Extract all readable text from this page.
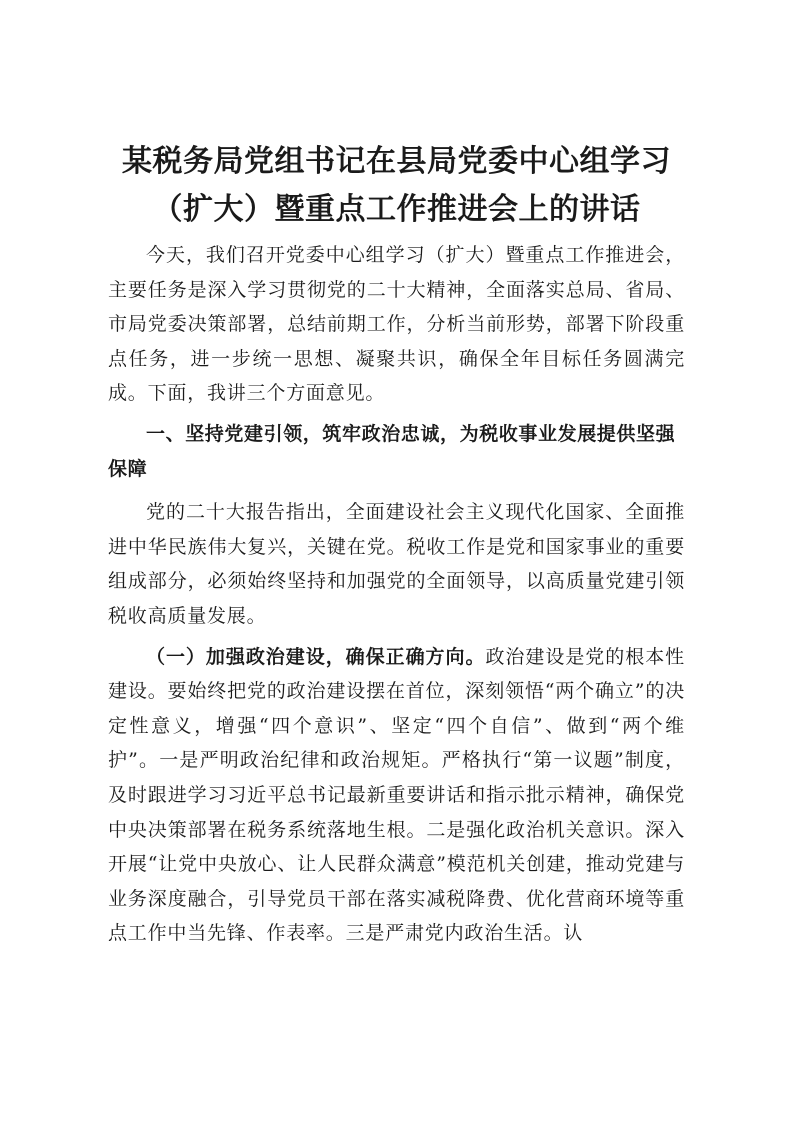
某税务局党组书记在县局党委中心组学习（扩大）暨重点工作推进会上的讲话

今天，我们召开党委中心组学习（扩大）暨重点工作推进会，主要任务是深入学习贯彻党的二十大精神，全面落实总局、省局、市局党委决策部署，总结前期工作，分析当前形势，部署下阶段重点任务，进一步统一思想、凝聚共识，确保全年目标任务圆满完成。下面，我讲三个方面意见。

一、坚持党建引领，筑牢政治忠诚，为税收事业发展提供坚强保障

党的二十大报告指出，全面建设社会主义现代化国家、全面推进中华民族伟大复兴，关键在党。税收工作是党和国家事业的重要组成部分，必须始终坚持和加强党的全面领导，以高质量党建引领税收高质量发展。

（一）加强政治建设，确保正确方向。政治建设是党的根本性建设。要始终把党的政治建设摆在首位，深刻领悟“两个确立”的决定性意义，增强“四个意识”、坚定“四个自信”、做到“两个维护”。一是严明政治纪律和政治规矩。严格执行“第一议题”制度，及时跟进学习习近平总书记最新重要讲话和指示批示精神，确保党中央决策部署在税务系统落地生根。二是强化政治机关意识。深入开展“让党中央放心、让人民群众满意”模范机关创建，推动党建与业务深度融合，引导党员干部在落实减税降费、优化营商环境等重点工作中当先锋、作表率。三是严肃党内政治生活。认
